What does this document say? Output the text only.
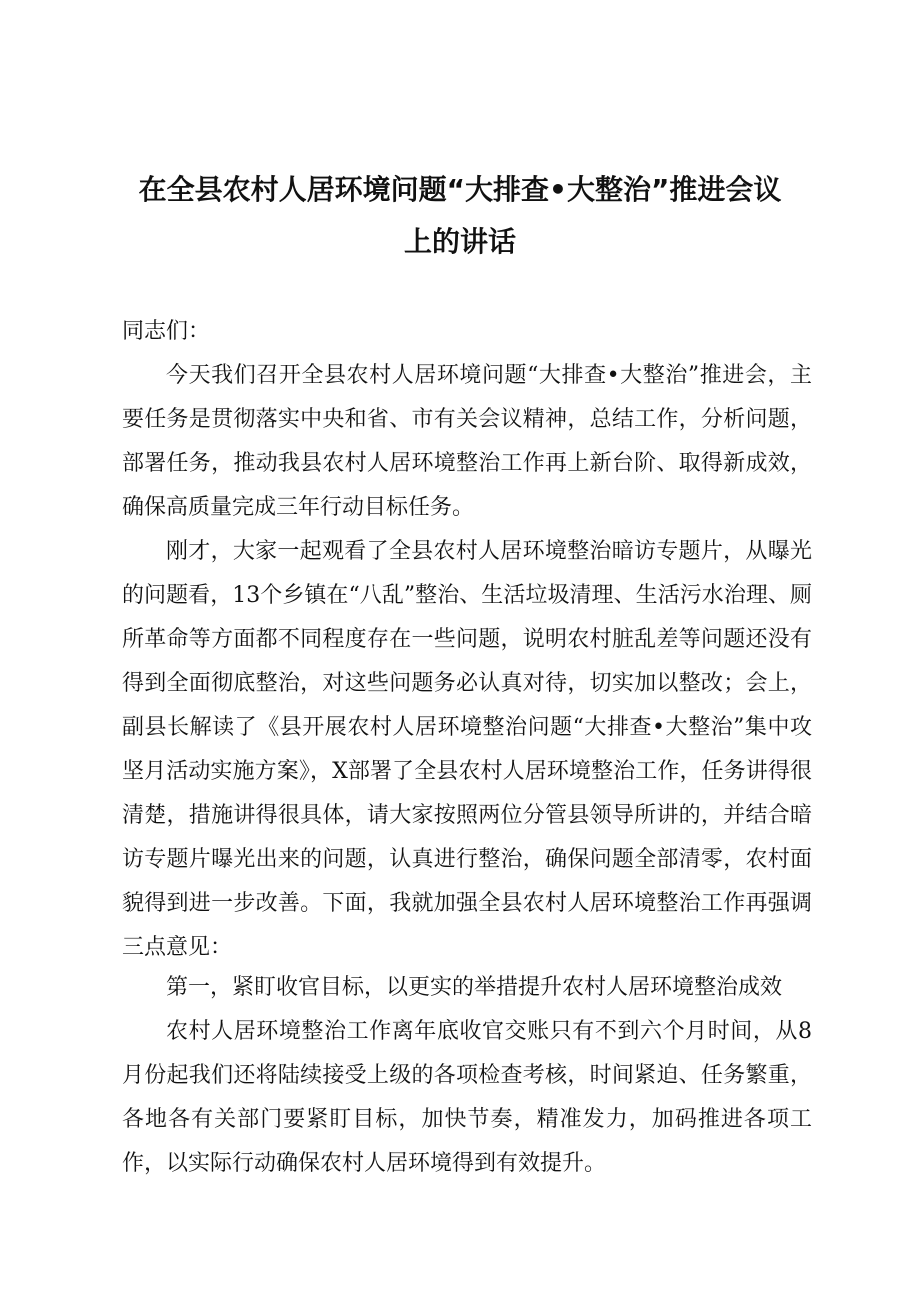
在全县农村人居环境问题“大排查•大整治”推进会议
上的讲话
同志们：
今天我们召开全县农村人居环境问题“大排查•大整治”推进会，主要任务是贯彻落实中央和省、市有关会议精神，总结工作，分析问题，部署任务，推动我县农村人居环境整治工作再上新台阶、取得新成效，确保高质量完成三年行动目标任务。
刚才，大家一起观看了全县农村人居环境整治暗访专题片，从曝光的问题看，13个乡镇在“八乱”整治、生活垃圾清理、生活污水治理、厕所革命等方面都不同程度存在一些问题，说明农村脏乱差等问题还没有得到全面彻底整治，对这些问题务必认真对待，切实加以整改；会上，副县长解读了《县开展农村人居环境整治问题“大排查•大整治”集中攻坚月活动实施方案》，X部署了全县农村人居环境整治工作，任务讲得很清楚，措施讲得很具体，请大家按照两位分管县领导所讲的，并结合暗访专题片曝光出来的问题，认真进行整治，确保问题全部清零，农村面貌得到进一步改善。下面，我就加强全县农村人居环境整治工作再强调三点意见：
第一，紧盯收官目标，以更实的举措提升农村人居环境整治成效
农村人居环境整治工作离年底收官交账只有不到六个月时间，从8月份起我们还将陆续接受上级的各项检查考核，时间紧迫、任务繁重，各地各有关部门要紧盯目标，加快节奏，精准发力，加码推进各项工作，以实际行动确保农村人居环境得到有效提升。
